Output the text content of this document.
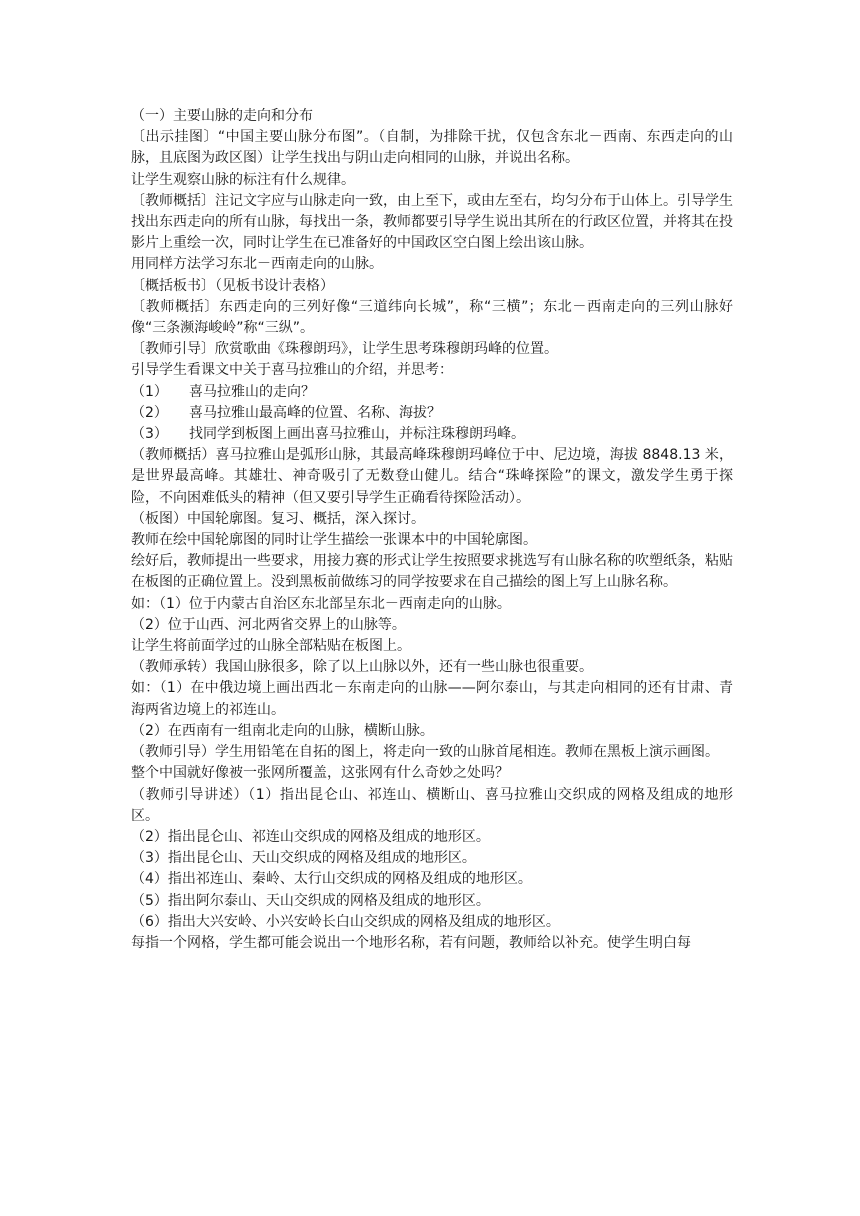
（一）主要山脉的走向和分布

〔出示挂图〕“中国主要山脉分布图”。（自制，为排除干扰，仅包含东北－西南、东西走向的山脉，且底图为政区图）让学生找出与阴山走向相同的山脉，并说出名称。

让学生观察山脉的标注有什么规律。

〔教师概括〕注记文字应与山脉走向一致，由上至下，或由左至右，均匀分布于山体上。引导学生找出东西走向的所有山脉，每找出一条，教师都要引导学生说出其所在的行政区位置，并将其在投影片上重绘一次，同时让学生在已准备好的中国政区空白图上绘出该山脉。

用同样方法学习东北－西南走向的山脉。

〔概括板书〕（见板书设计表格）

〔教师概括〕东西走向的三列好像“三道纬向长城”，称“三横”；东北－西南走向的三列山脉好像“三条濒海峻岭”称“三纵”。

〔教师引导〕欣赏歌曲《珠穆朗玛》，让学生思考珠穆朗玛峰的位置。

引导学生看课文中关于喜马拉雅山的介绍，并思考：

（1）	喜马拉雅山的走向？
（2）	喜马拉雅山最高峰的位置、名称、海拔？
（3）	找同学到板图上画出喜马拉雅山，并标注珠穆朗玛峰。

（教师概括）喜马拉雅山是弧形山脉，其最高峰珠穆朗玛峰位于中、尼边境，海拔 8848.13 米，是世界最高峰。其雄壮、神奇吸引了无数登山健儿。结合“珠峰探险”的课文，激发学生勇于探险，不向困难低头的精神（但又要引导学生正确看待探险活动）。

（板图）中国轮廓图。复习、概括，深入探讨。

教师在绘中国轮廓图的同时让学生描绘一张课本中的中国轮廓图。

绘好后，教师提出一些要求，用接力赛的形式让学生按照要求挑选写有山脉名称的吹塑纸条，粘贴在板图的正确位置上。没到黑板前做练习的同学按要求在自己描绘的图上写上山脉名称。

如：（1）位于内蒙古自治区东北部呈东北－西南走向的山脉。

（2）位于山西、河北两省交界上的山脉等。

让学生将前面学过的山脉全部粘贴在板图上。

（教师承转）我国山脉很多，除了以上山脉以外，还有一些山脉也很重要。

如：（1）在中俄边境上画出西北－东南走向的山脉——阿尔泰山，与其走向相同的还有甘肃、青海两省边境上的祁连山。

（2）在西南有一组南北走向的山脉，横断山脉。

（教师引导）学生用铅笔在自拓的图上，将走向一致的山脉首尾相连。教师在黑板上演示画图。

整个中国就好像被一张网所覆盖，这张网有什么奇妙之处吗？

（教师引导讲述）（1）指出昆仑山、祁连山、横断山、喜马拉雅山交织成的网格及组成的地形区。

（2）指出昆仑山、祁连山交织成的网格及组成的地形区。

（3）指出昆仑山、天山交织成的网格及组成的地形区。

（4）指出祁连山、秦岭、太行山交织成的网格及组成的地形区。

（5）指出阿尔泰山、天山交织成的网格及组成的地形区。

（6）指出大兴安岭、小兴安岭长白山交织成的网格及组成的地形区。

每指一个网格，学生都可能会说出一个地形名称，若有问题，教师给以补充。使学生明白每
